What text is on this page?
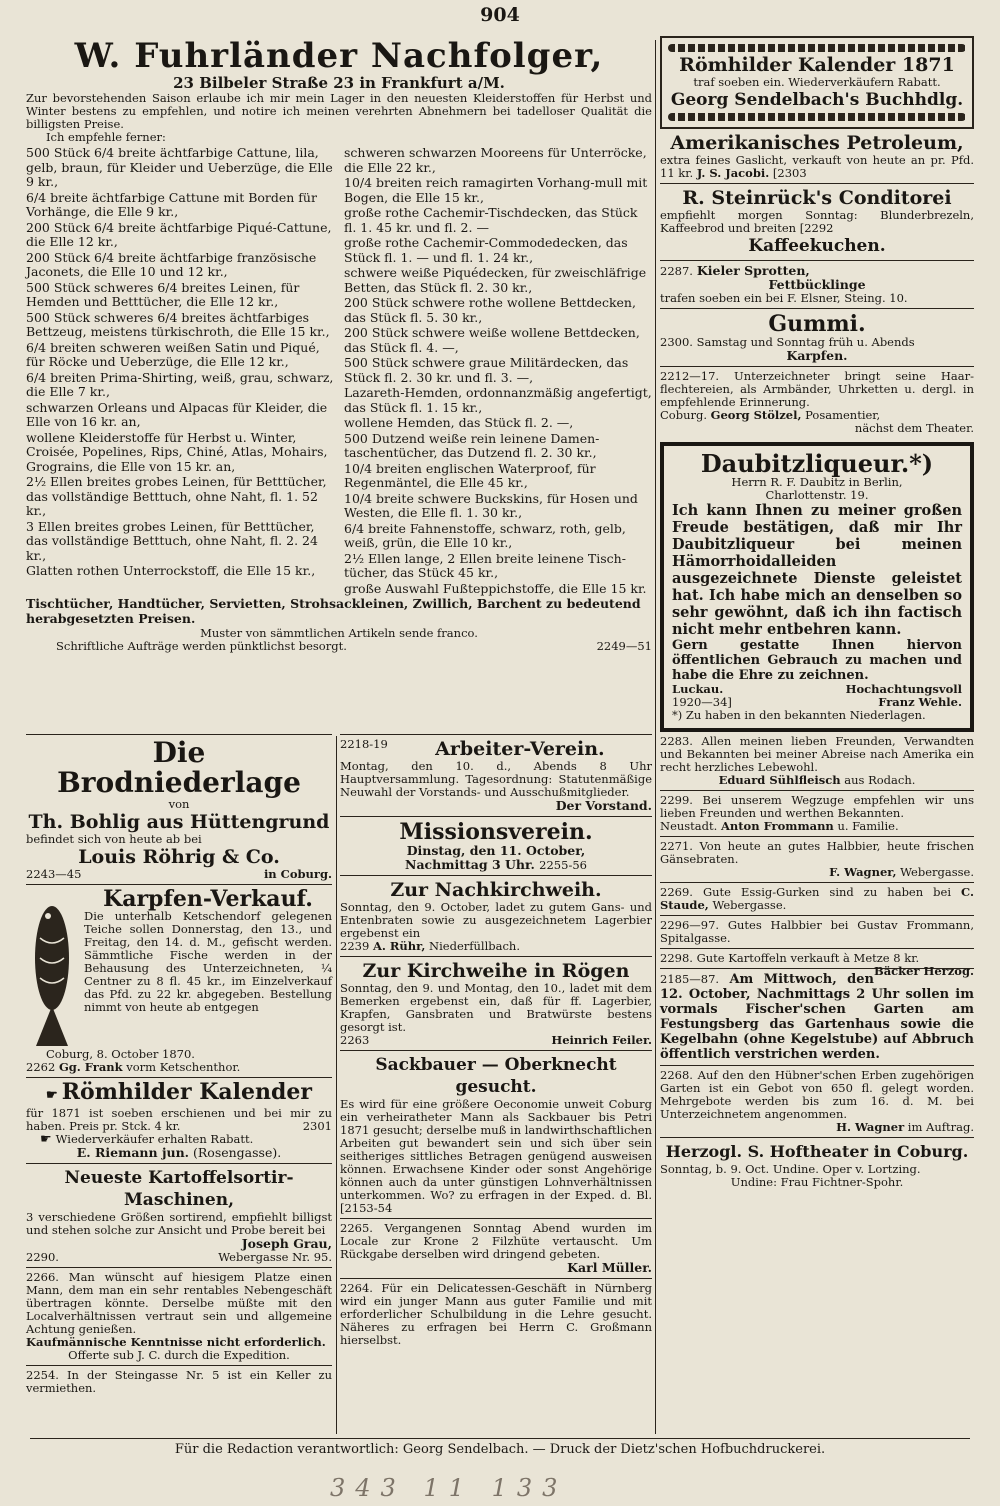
904
W. Fuhrländer Nachfolger,
23 Bilbeler Straße 23 in Frankfurt a/M.

Zur bevorstehenden Saison erlaube ich mir mein Lager in den neuesten Kleiderstoffen für Herbst und Winter bestens zu empfehlen, und notire ich meinen verehrten Abnehmern bei tadelloser Qualität die billigsten Preise.

Ich empfehle ferner:

500 Stück 6/4 breite ächtfarbige Cattune, lila, gelb, braun, für Kleider und Ueberzüge, die Elle 9 kr.,

6/4 breite ächtfarbige Cattune mit Borden für Vorhänge, die Elle 9 kr.,

200 Stück 6/4 breite ächtfarbige Piqué-Cattune, die Elle 12 kr.,

200 Stück 6/4 breite ächtfarbige französische Jaconets, die Elle 10 und 12 kr.,

500 Stück schweres 6/4 breites Leinen, für Hemden und Betttücher, die Elle 12 kr.,

500 Stück schweres 6/4 breites ächtfarbiges Bettzeug, meistens türkischroth, die Elle 15 kr.,

6/4 breiten schweren weißen Satin und Piqué, für Röcke und Ueberzüge, die Elle 12 kr.,

6/4 breiten Prima-Shirting, weiß, grau, schwarz, die Elle 7 kr.,

schwarzen Orleans und Alpacas für Kleider, die Elle von 16 kr. an,

wollene Kleiderstoffe für Herbst u. Winter, Croisée, Popelines, Rips, Chiné, Atlas, Mohairs, Grograins, die Elle von 15 kr. an,

2½ Ellen breites grobes Leinen, für Betttücher, das vollständige Betttuch, ohne Naht, fl. 1. 52 kr.,

3 Ellen breites grobes Leinen, für Betttücher, das vollständige Betttuch, ohne Naht, fl. 2. 24 kr.,

Glatten rothen Unterrockstoff, die Elle 15 kr.,

schweren schwarzen Mooreens für Unterröcke, die Elle 22 kr.,

10/4 breiten reich ramagirten Vorhang-mull mit Bogen, die Elle 15 kr.,

große rothe Cachemir-Tischdecken, das Stück fl. 1. 45 kr. und fl. 2. —

große rothe Cachemir-Commodedecken, das Stück fl. 1. — und fl. 1. 24 kr.,

schwere weiße Piquédecken, für zweischläfrige Betten, das Stück fl. 2. 30 kr.,

200 Stück schwere rothe wollene Bettdecken, das Stück fl. 5. 30 kr.,

200 Stück schwere weiße wollene Bettdecken, das Stück fl. 4. —,

500 Stück schwere graue Militärdecken, das Stück fl. 2. 30 kr. und fl. 3. —,

Lazareth-Hemden, ordonnanzmäßig angefertigt, das Stück fl. 1. 15 kr.,

wollene Hemden, das Stück fl. 2. —,

500 Dutzend weiße rein leinene Damen-taschentücher, das Dutzend fl. 2. 30 kr.,

10/4 breiten englischen Waterproof, für Regenmäntel, die Elle 45 kr.,

10/4 breite schwere Buckskins, für Hosen und Westen, die Elle fl. 1. 30 kr.,

6/4 breite Fahnenstoffe, schwarz, roth, gelb, weiß, grün, die Elle 10 kr.,

2½ Ellen lange, 2 Ellen breite leinene Tisch-tücher, das Stück 45 kr.,

große Auswahl Fußteppichstoffe, die Elle 15 kr.

Tischtücher, Handtücher, Servietten, Strohsackleinen, Zwillich, Barchent zu bedeutend herabgesetzten Preisen.

Muster von sämmtlichen Artikeln sende franco.

Schriftliche Aufträge werden pünktlichst besorgt.	2249—51

Die Brodniederlage
von
Th. Bohlig aus Hüttengrund

befindet sich von heute ab bei

Louis Röhrig & Co.

2243—45	in Coburg.

Karpfen-Verkauf.

Die unterhalb Ketschendorf gelegenen Teiche sollen Donnerstag, den 13., und Freitag, den 14. d. M., gefischt werden. Sämmtliche Fische werden in der Behausung des Unterzeichneten, ¼ Centner zu 8 fl. 45 kr., im Einzelverkauf das Pfd. zu 22 kr. abgegeben. Bestellung nimmt von heute ab entgegen

Coburg, 8. October 1870.

2262 Gg. Frank vorm Ketschenthor.

☛ Römhilder Kalender

für 1871 ist soeben erschienen und bei mir zu haben. Preis pr. Stck. 4 kr.	2301

☛ Wiederverkäufer erhalten Rabatt.

E. Riemann jun. (Rosengasse).

Neueste Kartoffelsortir-Maschinen,

3 verschiedene Größen sortirend, empfiehlt billigst und stehen solche zur Ansicht und Probe bereit bei

Joseph Grau,

2290.	Webergasse Nr. 95.

2266. Man wünscht auf hiesigem Platze einen Mann, dem man ein sehr rentables Nebengeschäft übertragen könnte. Derselbe müßte mit den Localverhältnissen vertraut sein und allgemeine Achtung genießen.

Kaufmännische Kenntnisse nicht erforderlich.

Offerte sub J. C. durch die Expedition.

2254. In der Steingasse Nr. 5 ist ein Keller zu vermiethen.

2218-19 Arbeiter-Verein.

Montag, den 10. d., Abends 8 Uhr Hauptversammlung. Tagesordnung: Statutenmäßige Neuwahl der Vorstands- und Ausschußmitglieder.

Der Vorstand.

Missionsverein.

Dinstag, den 11. October,

Nachmittag 3 Uhr. 2255-56

Zur Nachkirchweih.

Sonntag, den 9. October, ladet zu gutem Gans- und Entenbraten sowie zu ausgezeichnetem Lagerbier ergebenst ein

2239 A. Rühr, Niederfüllbach.

Zur Kirchweihe in Rögen

Sonntag, den 9. und Montag, den 10., ladet mit dem Bemerken ergebenst ein, daß für ff. Lagerbier, Krapfen, Gansbraten und Bratwürste bestens gesorgt ist.

2263	Heinrich Feiler.

Sackbauer — Oberknecht gesucht.

Es wird für eine größere Oeconomie unweit Coburg ein verheiratheter Mann als Sackbauer bis Petri 1871 gesucht; derselbe muß in landwirthschaftlichen Arbeiten gut bewandert sein und sich über sein seitheriges sittliches Betragen genügend ausweisen können. Erwachsene Kinder oder sonst Angehörige können auch da unter günstigen Lohnverhältnissen unterkommen. Wo? zu erfragen in der Exped. d. Bl. [2153-54

2265. Vergangenen Sonntag Abend wurden im Locale zur Krone 2 Filzhüte vertauscht. Um Rückgabe derselben wird dringend gebeten.

Karl Müller.

2264. Für ein Delicatessen-Geschäft in Nürnberg wird ein junger Mann aus guter Familie und mit erforderlicher Schulbildung in die Lehre gesucht. Näheres zu erfragen bei Herrn C. Großmann hierselbst.

Römhilder Kalender 1871

traf soeben ein. Wiederverkäufern Rabatt.

Georg Sendelbach's Buchhdlg.
Amerikanisches Petroleum,

extra feines Gaslicht, verkauft von heute an pr. Pfd. 11 kr. J. S. Jacobi. [2303

R. Steinrück's Conditorei

empfiehlt morgen Sonntag: Blunderbrezeln, Kaffeebrod und breiten [2292

Kaffeekuchen.

2287. Kieler Sprotten,

Fettbücklinge

trafen soeben ein bei F. Elsner, Steing. 10.

Gummi.

2300. Samstag und Sonntag früh u. Abends

Karpfen.

2212—17. Unterzeichneter bringt seine Haar-flechtereien, als Armbänder, Uhrketten u. dergl. in empfehlende Erinnerung.

Coburg. Georg Stölzel, Posamentier,

nächst dem Theater.

Daubitzliqueur.*)

Herrn R. F. Daubitz in Berlin,

Charlottenstr. 19.

Ich kann Ihnen zu meiner großen Freude bestätigen, daß mir Ihr Daubitzliqueur bei meinen Hämorrhoidalleiden ausgezeichnete Dienste geleistet hat. Ich habe mich an denselben so sehr gewöhnt, daß ich ihn factisch nicht mehr entbehren kann.

Gern gestatte Ihnen hiervon öffentlichen Gebrauch zu machen und habe die Ehre zu zeichnen.

Luckau.	Hochachtungsvoll

1920—34]	Franz Wehle.

*) Zu haben in den bekannten Niederlagen.

2283. Allen meinen lieben Freunden, Verwandten und Bekannten bei meiner Abreise nach Amerika ein recht herzliches Lebewohl.

Eduard Sühlfleisch aus Rodach.

2299. Bei unserem Wegzuge empfehlen wir uns lieben Freunden und werthen Bekannten.

Neustadt. Anton Frommann u. Familie.

2271. Von heute an gutes Halbbier, heute frischen Gänsebraten.

F. Wagner, Webergasse.

2269. Gute Essig-Gurken sind zu haben bei C. Staude, Webergasse.

2296—97. Gutes Halbbier bei Gustav Frommann, Spitalgasse.

2298. Gute Kartoffeln verkauft à Metze 8 kr.
Bäcker Herzog.

2185—87. Am Mittwoch, den 12. October, Nachmittags 2 Uhr sollen im vormals Fischer'schen Garten am Festungsberg das Gartenhaus sowie die Kegelbahn (ohne Kegelstube) auf Abbruch öffentlich verstrichen werden.

2268. Auf den den Hübner'schen Erben zugehörigen Garten ist ein Gebot von 650 fl. gelegt worden. Mehrgebote werden bis zum 16. d. M. bei Unterzeichnetem angenommen.

H. Wagner im Auftrag.

Herzogl. S. Hoftheater in Coburg.

Sonntag, b. 9. Oct. Undine. Oper v. Lortzing.

Undine: Frau Fichtner-Spohr.

Für die Redaction verantwortlich: Georg Sendelbach. — Druck der Dietz'schen Hofbuchdruckerei.
343 11 133
